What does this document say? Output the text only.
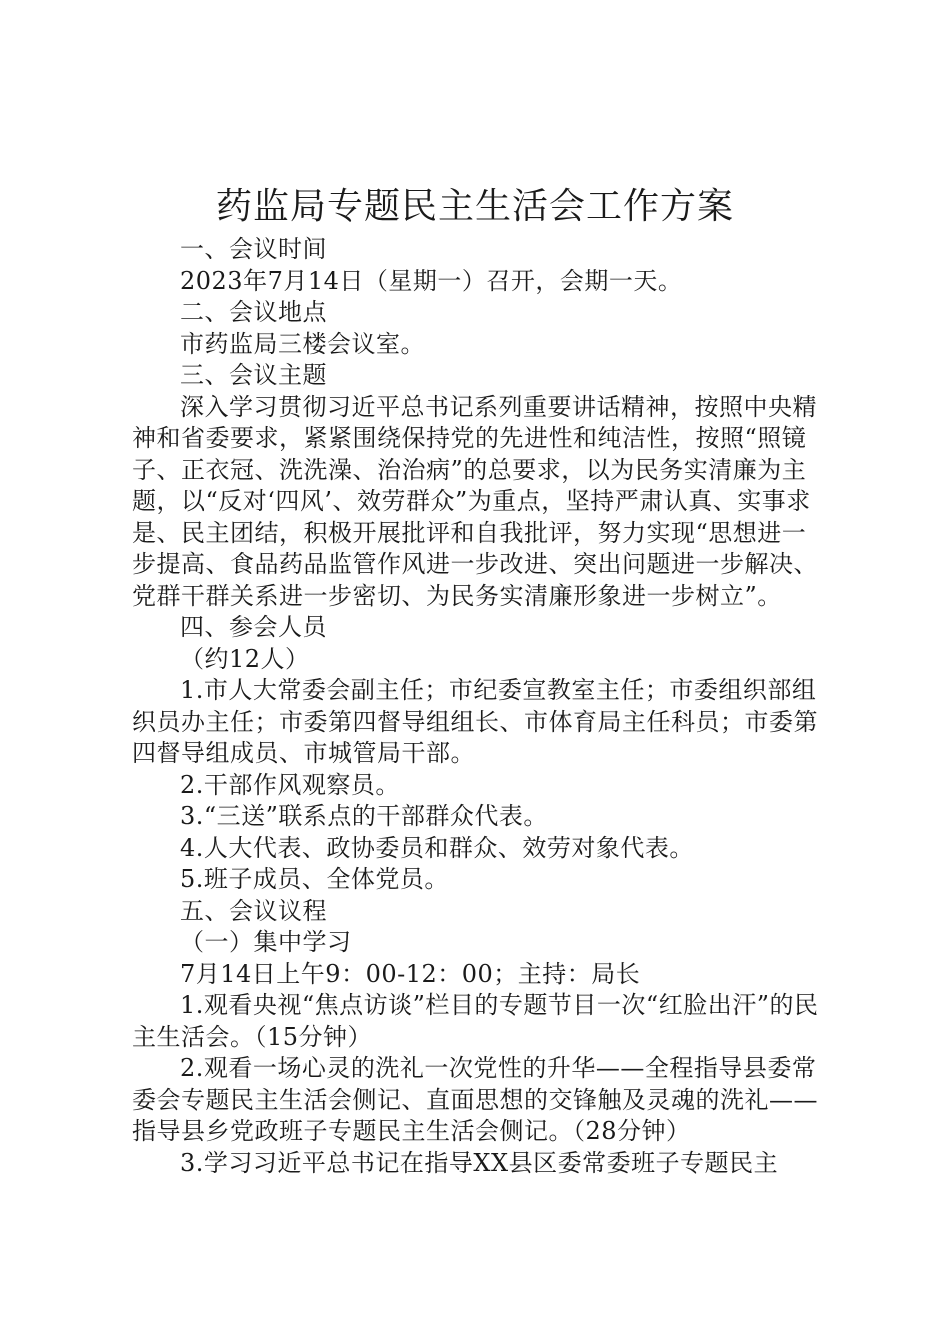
药监局专题民主生活会工作方案

一、会议时间

2023年7月14日（星期一）召开，会期一天。

二、会议地点

市药监局三楼会议室。

三、会议主题

深入学习贯彻习近平总书记系列重要讲话精神，按照中央精神和省委要求，紧紧围绕保持党的先进性和纯洁性，按照“照镜子、正衣冠、洗洗澡、治治病”的总要求，以为民务实清廉为主题，以“反对‘四风’、效劳群众”为重点，坚持严肃认真、实事求是、民主团结，积极开展批评和自我批评，努力实现“思想进一步提高、食品药品监管作风进一步改进、突出问题进一步解决、党群干群关系进一步密切、为民务实清廉形象进一步树立”。

四、参会人员

（约12人）

1.市人大常委会副主任；市纪委宣教室主任；市委组织部组织员办主任；市委第四督导组组长、市体育局主任科员；市委第四督导组成员、市城管局干部。

2.干部作风观察员。

3.“三送”联系点的干部群众代表。

4.人大代表、政协委员和群众、效劳对象代表。

5.班子成员、全体党员。

五、会议议程

（一）集中学习

7月14日上午9：00-12：00；主持：局长

1.观看央视“焦点访谈”栏目的专题节目一次“红脸出汗”的民主生活会。（15分钟）

2.观看一场心灵的洗礼一次党性的升华——全程指导县委常委会专题民主生活会侧记、直面思想的交锋触及灵魂的洗礼——指导县乡党政班子专题民主生活会侧记。（28分钟）

3.学习习近平总书记在指导XX县区委常委班子专题民主
